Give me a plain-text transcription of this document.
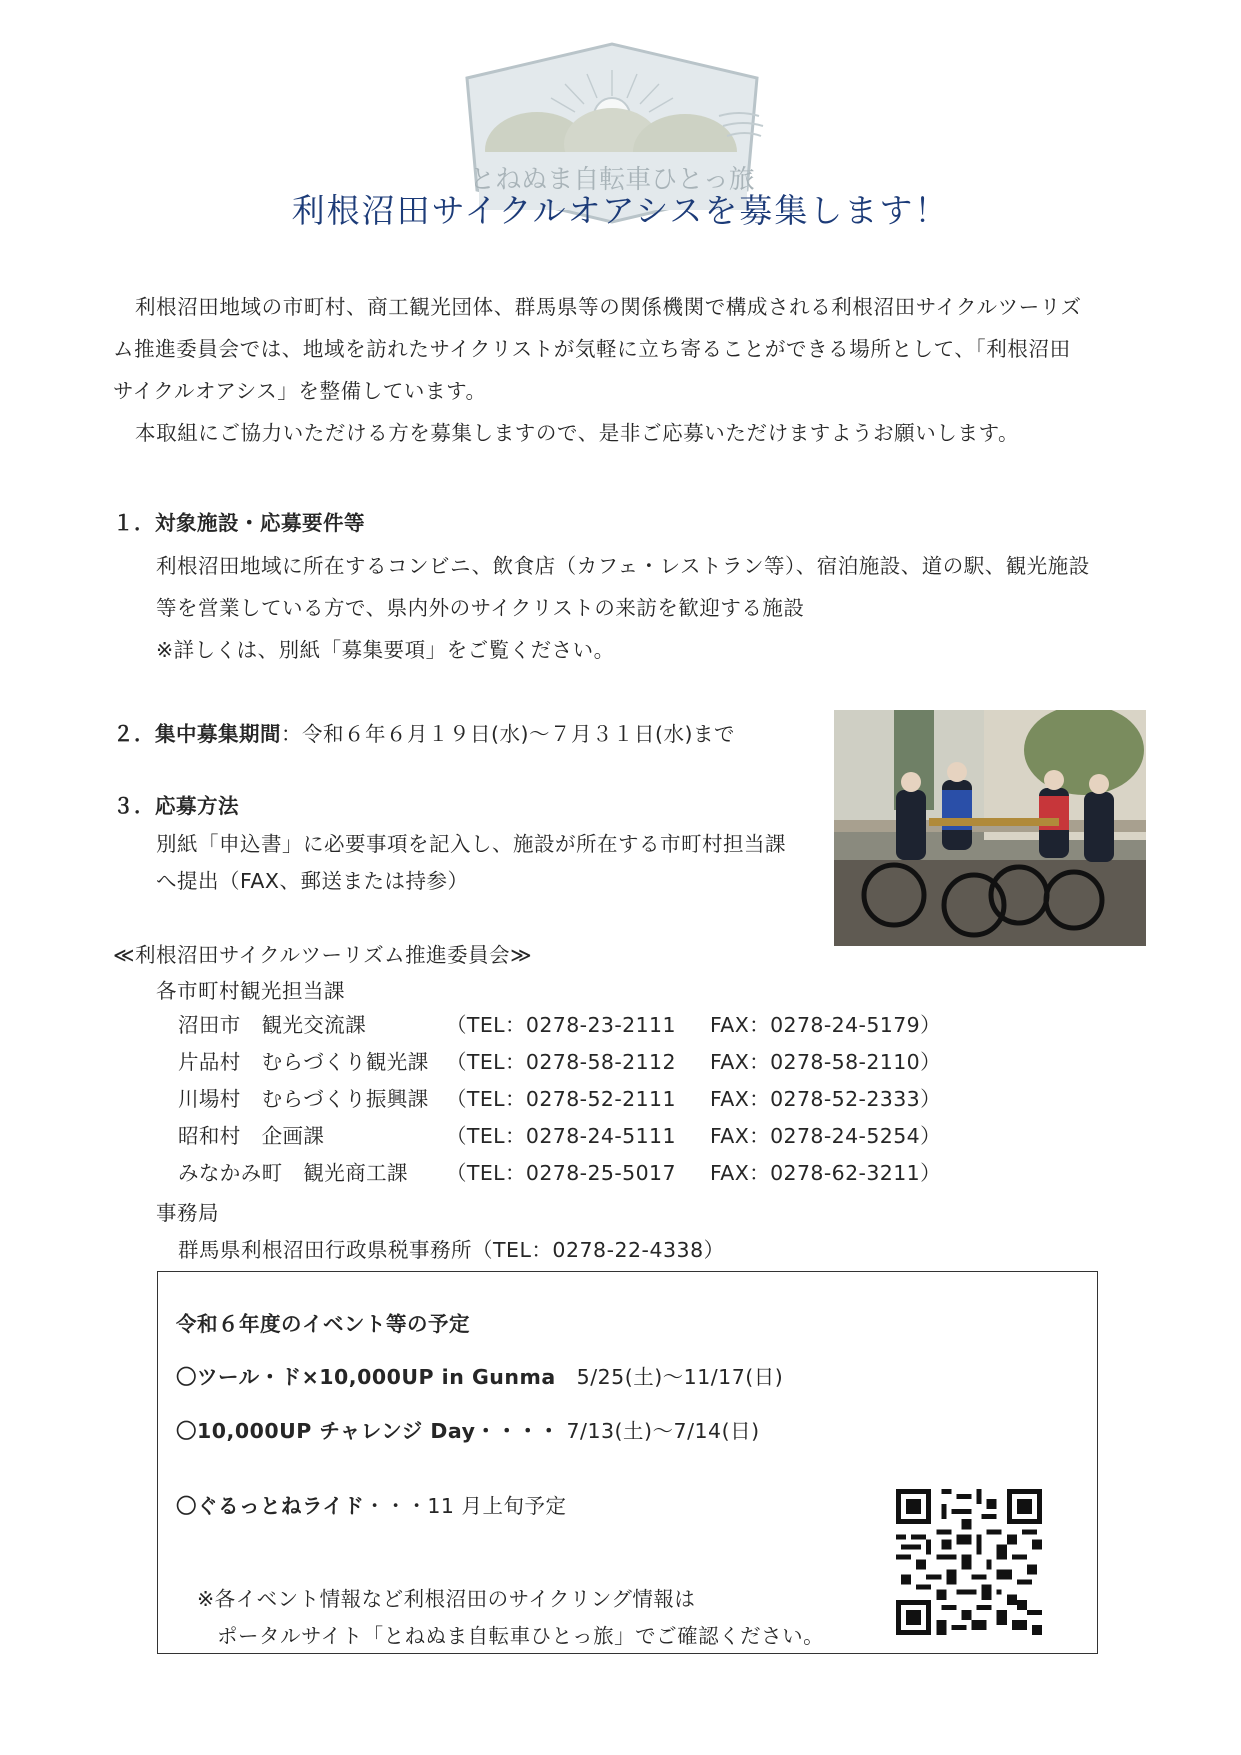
とねぬま自転車ひとっ旅
利根沼田サイクルオアシスを募集します！

利根沼田地域の市町村、商工観光団体、群馬県等の関係機関で構成される利根沼田サイクルツーリズ

ム推進委員会では、地域を訪れたサイクリストが気軽に立ち寄ることができる場所として、「利根沼田

サイクルオアシス」を整備しています。

本取組にご協力いただける方を募集しますので、是非ご応募いただけますようお願いします。

１．対象施設・応募要件等
利根沼田地域に所在するコンビニ、飲食店（カフェ・レストラン等）、宿泊施設、道の駅、観光施設
等を営業している方で、県内外のサイクリストの来訪を歓迎する施設
※詳しくは、別紙「募集要項」をご覧ください。
２．集中募集期間：令和６年６月１９日(水)〜７月３１日(水)まで
３．応募方法
別紙「申込書」に必要事項を記入し、施設が所在する市町村担当課
へ提出（FAX、郵送または持参）
≪利根沼田サイクルツーリズム推進委員会≫
各市町村観光担当課
沼田市　観光交流課	（TEL：0278-23-2111 FAX：0278-24-5179）
片品村　むらづくり観光課 （TEL：0278-58-2112 FAX：0278-58-2110）
川場村　むらづくり振興課 （TEL：0278-52-2111 FAX：0278-52-2333）
昭和村　企画課	（TEL：0278-24-5111 FAX：0278-24-5254）
みなかみ町　観光商工課 （TEL：0278-25-5017 FAX：0278-62-3211）
事務局
群馬県利根沼田行政県税事務所（TEL：0278-22-4338）
令和６年度のイベント等の予定
〇ツール・ド×10,000UP in Gunma　5/25(土)〜11/17(日)
〇10,000UP チャレンジ Day・・・・ 7/13(土)〜7/14(日)
〇ぐるっとねライド・・・11 月上旬予定
※各イベント情報など利根沼田のサイクリング情報は
ポータルサイト「とねぬま自転車ひとっ旅」でご確認ください。
